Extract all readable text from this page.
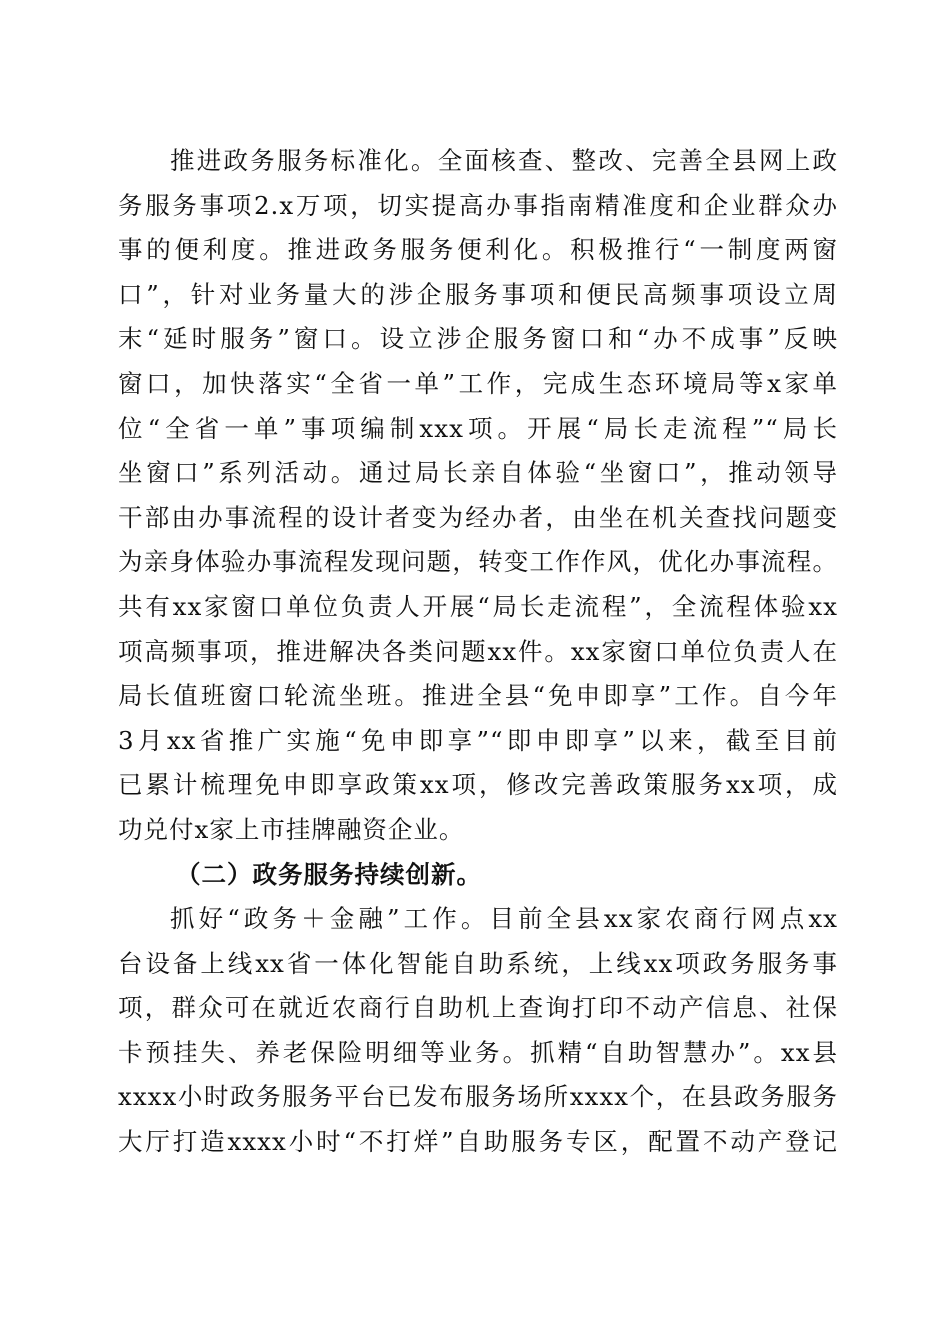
推进政务服务标准化。全面核查、整改、完善全县网上政
务服务事项2.x万项，切实提高办事指南精准度和企业群众办
事的便利度。推进政务服务便利化。积极推行“一制度两窗
口”，针对业务量大的涉企服务事项和便民高频事项设立周
末“延时服务”窗口。设立涉企服务窗口和“办不成事”反映
窗口，加快落实“全省一单”工作，完成生态环境局等x家单
位“全省一单”事项编制xxx项。开展“局长走流程”“局长
坐窗口”系列活动。通过局长亲自体验“坐窗口”，推动领导
干部由办事流程的设计者变为经办者，由坐在机关查找问题变
为亲身体验办事流程发现问题，转变工作作风，优化办事流程。
共有xx家窗口单位负责人开展“局长走流程”，全流程体验xx
项高频事项，推进解决各类问题xx件。xx家窗口单位负责人在
局长值班窗口轮流坐班。推进全县“免申即享”工作。自今年
3月xx省推广实施“免申即享”“即申即享”以来，截至目前
已累计梳理免申即享政策xx项，修改完善政策服务xx项，成
功兑付x家上市挂牌融资企业。
（二）政务服务持续创新。
抓好“政务＋金融”工作。目前全县xx家农商行网点xx
台设备上线xx省一体化智能自助系统，上线xx项政务服务事
项，群众可在就近农商行自助机上查询打印不动产信息、社保
卡预挂失、养老保险明细等业务。抓精“自助智慧办”。xx县
xxxx小时政务服务平台已发布服务场所xxxx个，在县政务服务
大厅打造xxxx小时“不打烊”自助服务专区，配置不动产登记
